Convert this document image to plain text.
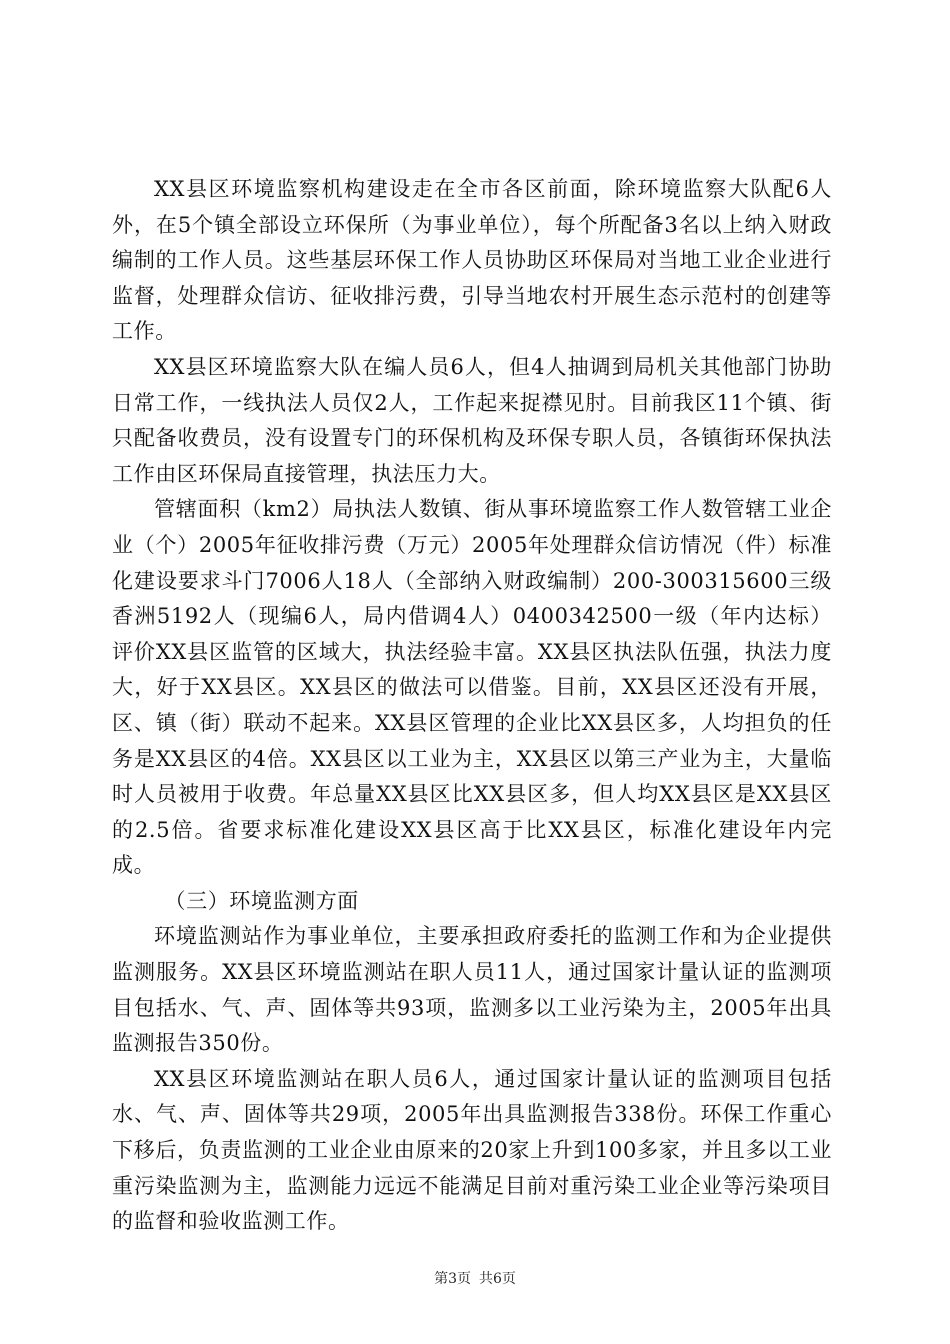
XX县区环境监察机构建设走在全市各区前面，除环境监察大队配6人外，在5个镇全部设立环保所（为事业单位），每个所配备3名以上纳入财政编制的工作人员。这些基层环保工作人员协助区环保局对当地工业企业进行监督，处理群众信访、征收排污费，引导当地农村开展生态示范村的创建等工作。

XX县区环境监察大队在编人员6人，但4人抽调到局机关其他部门协助日常工作，一线执法人员仅2人，工作起来捉襟见肘。目前我区11个镇、街只配备收费员，没有设置专门的环保机构及环保专职人员，各镇街环保执法工作由区环保局直接管理，执法压力大。

管辖面积（km2）局执法人数镇、街从事环境监察工作人数管辖工业企业（个）2005年征收排污费（万元）2005年处理群众信访情况（件）标准化建设要求斗门7006人18人（全部纳入财政编制）200-300315600三级香洲5192人（现编6人，局内借调4人）0400342500一级（年内达标）评价XX县区监管的区域大，执法经验丰富。XX县区执法队伍强，执法力度大，好于XX县区。XX县区的做法可以借鉴。目前，XX县区还没有开展，区、镇（街）联动不起来。XX县区管理的企业比XX县区多，人均担负的任务是XX县区的4倍。XX县区以工业为主，XX县区以第三产业为主，大量临时人员被用于收费。年总量XX县区比XX县区多，但人均XX县区是XX县区的2.5倍。省要求标准化建设XX县区高于比XX县区，标准化建设年内完成。

（三）环境监测方面

环境监测站作为事业单位，主要承担政府委托的监测工作和为企业提供监测服务。XX县区环境监测站在职人员11人，通过国家计量认证的监测项目包括水、气、声、固体等共93项，监测多以工业污染为主，2005年出具监测报告350份。

XX县区环境监测站在职人员6人，通过国家计量认证的监测项目包括水、气、声、固体等共29项，2005年出具监测报告338份。环保工作重心下移后，负责监测的工业企业由原来的20家上升到100多家，并且多以工业重污染监测为主，监测能力远远不能满足目前对重污染工业企业等污染项目的监督和验收监测工作。

第3页 共6页
